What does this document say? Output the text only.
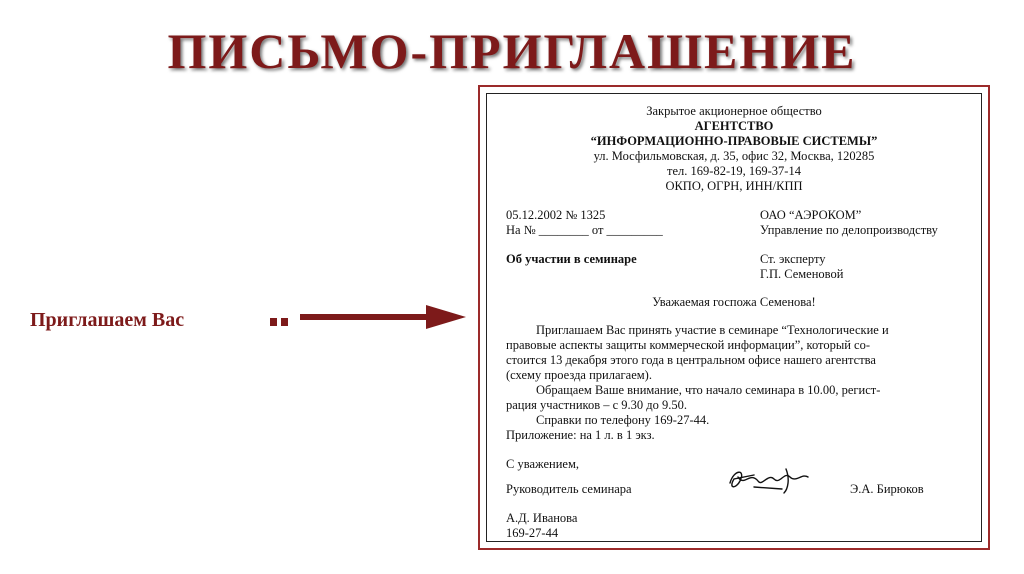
ПИСЬМО-ПРИГЛАШЕНИЕ
Приглашаем Вас
Закрытое акционерное общество
АГЕНТСТВО
“ИНФОРМАЦИОННО-ПРАВОВЫЕ СИСТЕМЫ”
ул. Мосфильмовская, д. 35, офис 32, Москва, 120285
тел. 169-82-19, 169-37-14
ОКПО, ОГРН, ИНН/КПП
05.12.2002 № 1325
На № ________ от _________
Об участии в семинаре
ОАО “АЭРОКОМ”
Управление по делопроизводству
Ст. эксперту
Г.П. Семеновой
Уважаемая госпожа Семенова!
Приглашаем Вас принять участие в семинаре “Технологические и
правовые аспекты защиты коммерческой информации”, который со-
стоится 13 декабря этого года в центральном офисе нашего агентства
(схему проезда прилагаем).
Обращаем Ваше внимание, что начало семинара в 10.00, регист-
рация участников – с 9.30 до 9.50.
Справки по телефону 169-27-44.
Приложение: на 1 л. в 1 экз.
С уважением,
Руководитель семинара	Э.А. Бирюков
А.Д. Иванова
169-27-44
